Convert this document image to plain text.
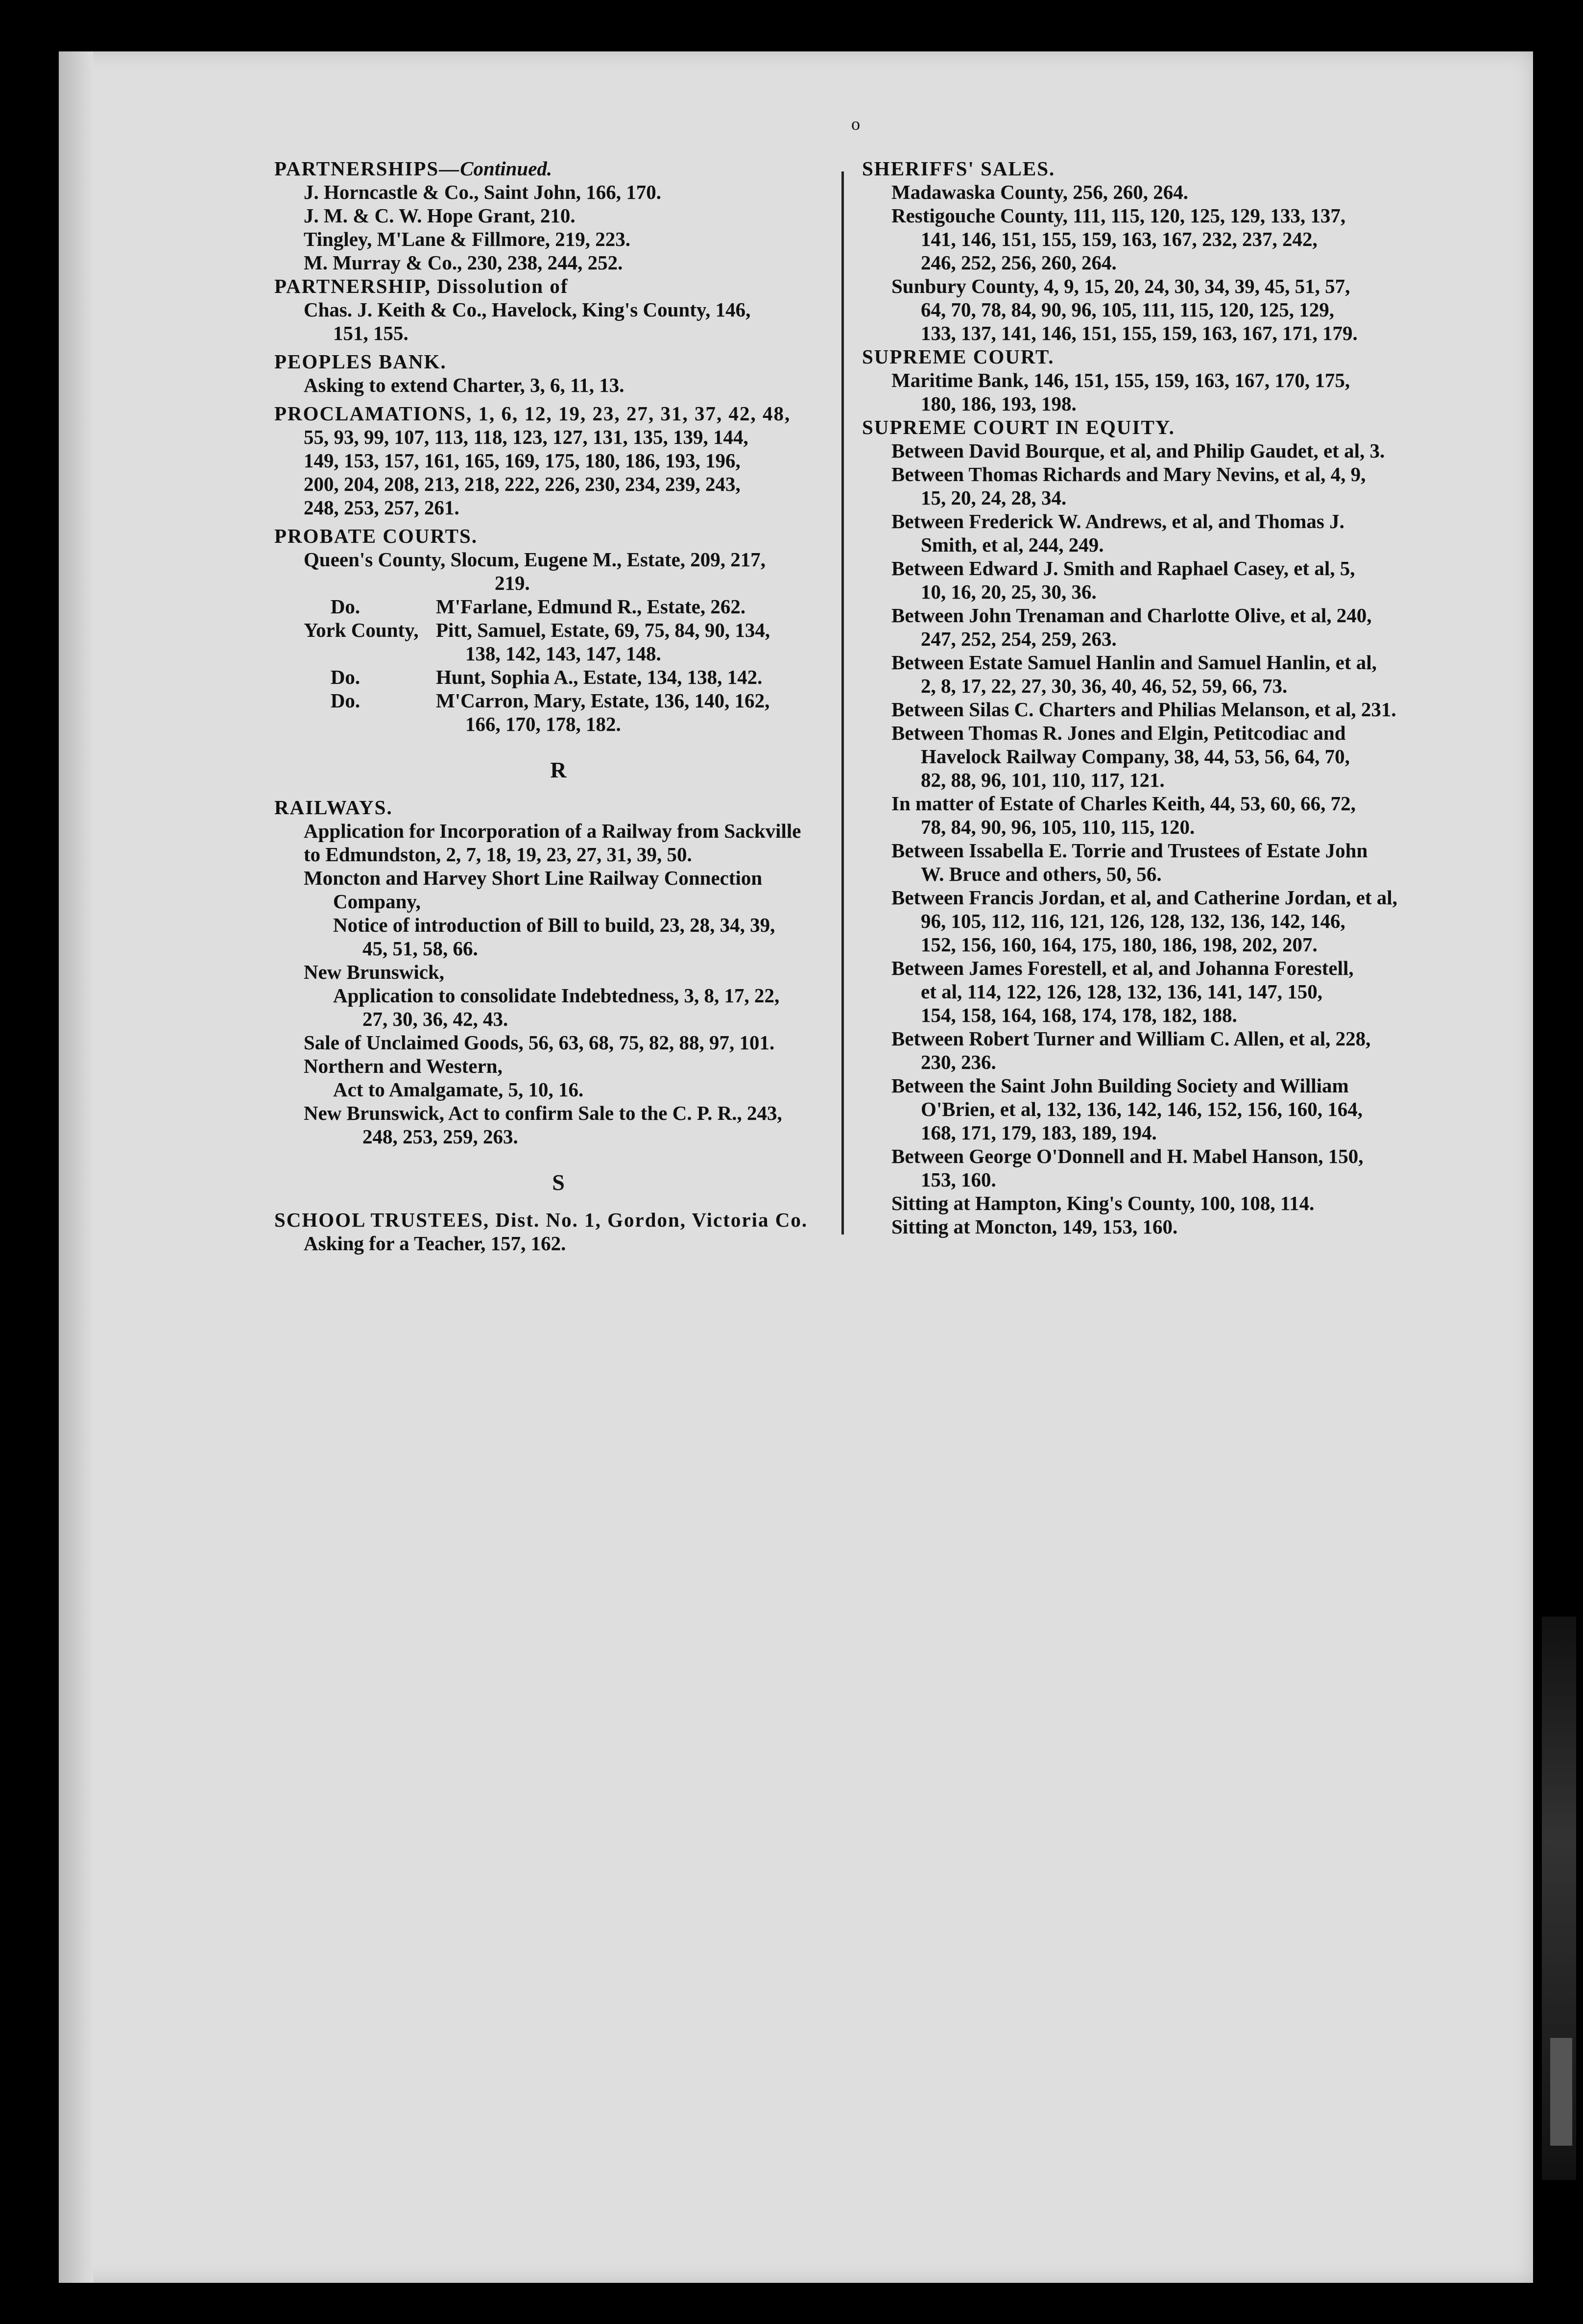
o
PARTNERSHIPS—Continued.
J. Horncastle & Co., Saint John, 166, 170.
J. M. & C. W. Hope Grant, 210.
Tingley, M'Lane & Fillmore, 219, 223.
M. Murray & Co., 230, 238, 244, 252.
PARTNERSHIP, Dissolution of
Chas. J. Keith & Co., Havelock, King's County, 146,
151, 155.
PEOPLES BANK.
Asking to extend Charter, 3, 6, 11, 13.
PROCLAMATIONS, 1, 6, 12, 19, 23, 27, 31, 37, 42, 48,
55, 93, 99, 107, 113, 118, 123, 127, 131, 135, 139, 144,
149, 153, 157, 161, 165, 169, 175, 180, 186, 193, 196,
200, 204, 208, 213, 218, 222, 226, 230, 234, 239, 243,
248, 253, 257, 261.
PROBATE COURTS.
Queen's County, Slocum, Eugene M., Estate, 209, 217,
219.
Do.	M'Farlane, Edmund R., Estate, 262.
York County, Pitt, Samuel, Estate, 69, 75, 84, 90, 134,
138, 142, 143, 147, 148.
Do.	Hunt, Sophia A., Estate, 134, 138, 142.
Do.	M'Carron, Mary, Estate, 136, 140, 162,
166, 170, 178, 182.
R
RAILWAYS.
Application for Incorporation of a Railway from Sackville
to Edmundston, 2, 7, 18, 19, 23, 27, 31, 39, 50.
Moncton and Harvey Short Line Railway Connection
Company,
Notice of introduction of Bill to build, 23, 28, 34, 39,
45, 51, 58, 66.
New Brunswick,
Application to consolidate Indebtedness, 3, 8, 17, 22,
27, 30, 36, 42, 43.
Sale of Unclaimed Goods, 56, 63, 68, 75, 82, 88, 97, 101.
Northern and Western,
Act to Amalgamate, 5, 10, 16.
New Brunswick, Act to confirm Sale to the C. P. R., 243,
248, 253, 259, 263.
S
SCHOOL TRUSTEES, Dist. No. 1, Gordon, Victoria Co.
Asking for a Teacher, 157, 162.
SHERIFFS' SALES.
Madawaska County, 256, 260, 264.
Restigouche County, 111, 115, 120, 125, 129, 133, 137,
141, 146, 151, 155, 159, 163, 167, 232, 237, 242,
246, 252, 256, 260, 264.
Sunbury County, 4, 9, 15, 20, 24, 30, 34, 39, 45, 51, 57,
64, 70, 78, 84, 90, 96, 105, 111, 115, 120, 125, 129,
133, 137, 141, 146, 151, 155, 159, 163, 167, 171, 179.
SUPREME COURT.
Maritime Bank, 146, 151, 155, 159, 163, 167, 170, 175,
180, 186, 193, 198.
SUPREME COURT IN EQUITY.
Between David Bourque, et al, and Philip Gaudet, et al, 3.
Between Thomas Richards and Mary Nevins, et al, 4, 9,
15, 20, 24, 28, 34.
Between Frederick W. Andrews, et al, and Thomas J.
Smith, et al, 244, 249.
Between Edward J. Smith and Raphael Casey, et al, 5,
10, 16, 20, 25, 30, 36.
Between John Trenaman and Charlotte Olive, et al, 240,
247, 252, 254, 259, 263.
Between Estate Samuel Hanlin and Samuel Hanlin, et al,
2, 8, 17, 22, 27, 30, 36, 40, 46, 52, 59, 66, 73.
Between Silas C. Charters and Philias Melanson, et al, 231.
Between Thomas R. Jones and Elgin, Petitcodiac and
Havelock Railway Company, 38, 44, 53, 56, 64, 70,
82, 88, 96, 101, 110, 117, 121.
In matter of Estate of Charles Keith, 44, 53, 60, 66, 72,
78, 84, 90, 96, 105, 110, 115, 120.
Between Issabella E. Torrie and Trustees of Estate John
W. Bruce and others, 50, 56.
Between Francis Jordan, et al, and Catherine Jordan, et al,
96, 105, 112, 116, 121, 126, 128, 132, 136, 142, 146,
152, 156, 160, 164, 175, 180, 186, 198, 202, 207.
Between James Forestell, et al, and Johanna Forestell,
et al, 114, 122, 126, 128, 132, 136, 141, 147, 150,
154, 158, 164, 168, 174, 178, 182, 188.
Between Robert Turner and William C. Allen, et al, 228,
230, 236.
Between the Saint John Building Society and William
O'Brien, et al, 132, 136, 142, 146, 152, 156, 160, 164,
168, 171, 179, 183, 189, 194.
Between George O'Donnell and H. Mabel Hanson, 150,
153, 160.
Sitting at Hampton, King's County, 100, 108, 114.
Sitting at Moncton, 149, 153, 160.
